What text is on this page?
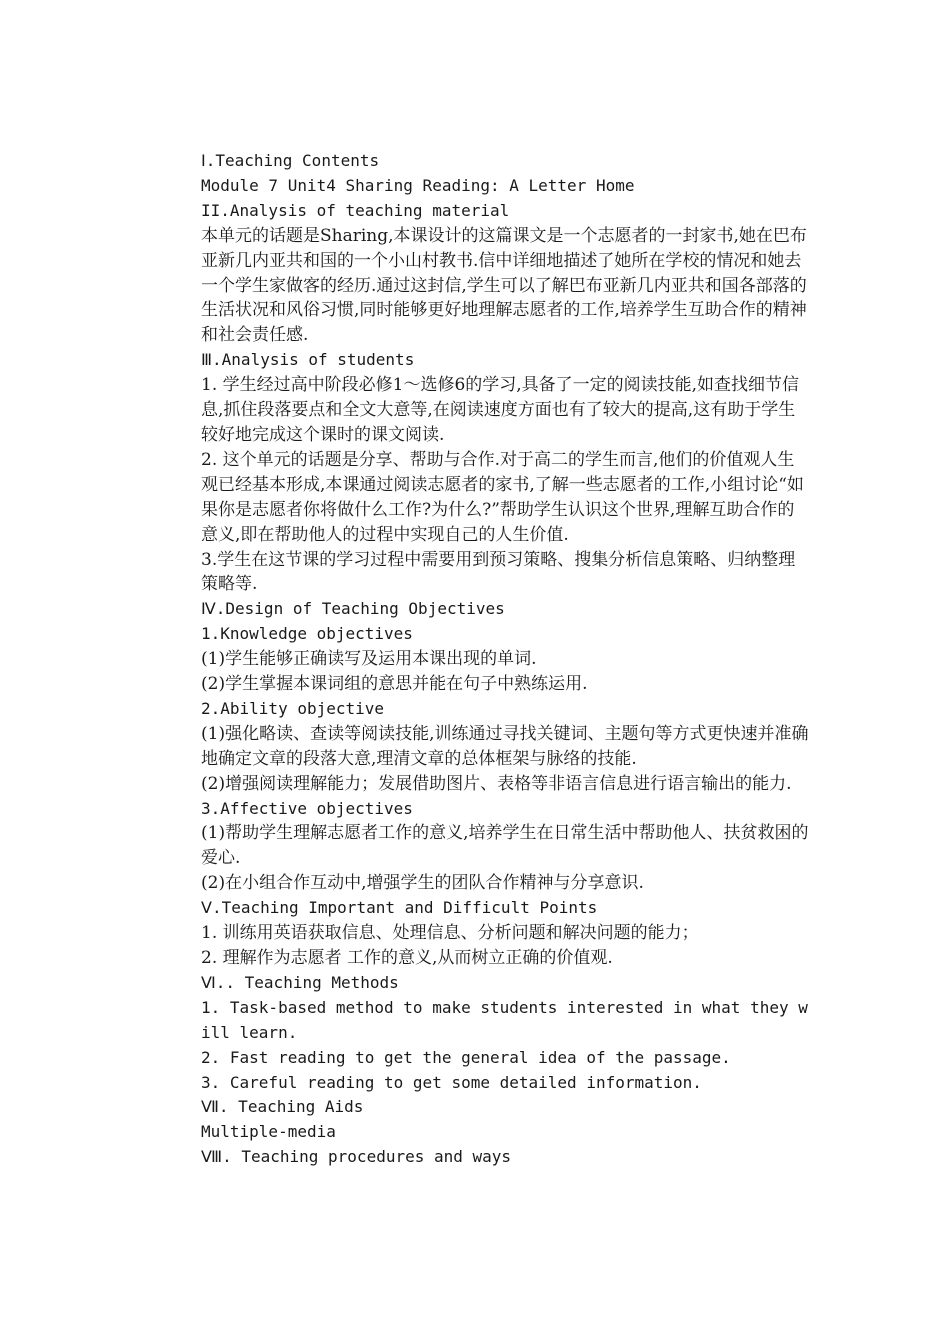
Ⅰ.Teaching Contents
Module 7 Unit4 Sharing Reading: A Letter Home
II.Analysis of teaching material
本单元的话题是Sharing,本课设计的这篇课文是一个志愿者的一封家书,她在巴布亚新几内亚共和国的一个小山村教书.信中详细地描述了她所在学校的情况和她去一个学生家做客的经历.通过这封信,学生可以了解巴布亚新几内亚共和国各部落的生活状况和风俗习惯,同时能够更好地理解志愿者的工作,培养学生互助合作的精神和社会责任感.
Ⅲ.Analysis of students
1. 学生经过高中阶段必修1～选修6的学习,具备了一定的阅读技能,如查找细节信息,抓住段落要点和全文大意等,在阅读速度方面也有了较大的提高,这有助于学生较好地完成这个课时的课文阅读.
2. 这个单元的话题是分享、帮助与合作.对于高二的学生而言,他们的价值观人生观已经基本形成,本课通过阅读志愿者的家书,了解一些志愿者的工作,小组讨论“如果你是志愿者你将做什么工作?为什么?”帮助学生认识这个世界,理解互助合作的意义,即在帮助他人的过程中实现自己的人生价值.
3.学生在这节课的学习过程中需要用到预习策略、搜集分析信息策略、归纳整理策略等.
Ⅳ.Design of Teaching Objectives
1.Knowledge objectives
(1)学生能够正确读写及运用本课出现的单词.
(2)学生掌握本课词组的意思并能在句子中熟练运用.
2.Ability objective
(1)强化略读、查读等阅读技能,训练通过寻找关键词、主题句等方式更快速并准确地确定文章的段落大意,理清文章的总体框架与脉络的技能.
(2)增强阅读理解能力；发展借助图片、表格等非语言信息进行语言输出的能力.
3.Affective objectives
(1)帮助学生理解志愿者工作的意义,培养学生在日常生活中帮助他人、扶贫救困的爱心.
(2)在小组合作互动中,增强学生的团队合作精神与分享意识.
Ⅴ.Teaching Important and Difficult Points
1. 训练用英语获取信息、处理信息、分析问题和解决问题的能力；
2. 理解作为志愿者 工作的意义,从而树立正确的价值观.
Ⅵ.. Teaching Methods
1. Task-based method to make students interested in what they will learn.
2. Fast reading to get the general idea of the passage.
3. Careful reading to get some detailed information.
Ⅶ. Teaching Aids
Multiple-media
Ⅷ. Teaching procedures and ways
